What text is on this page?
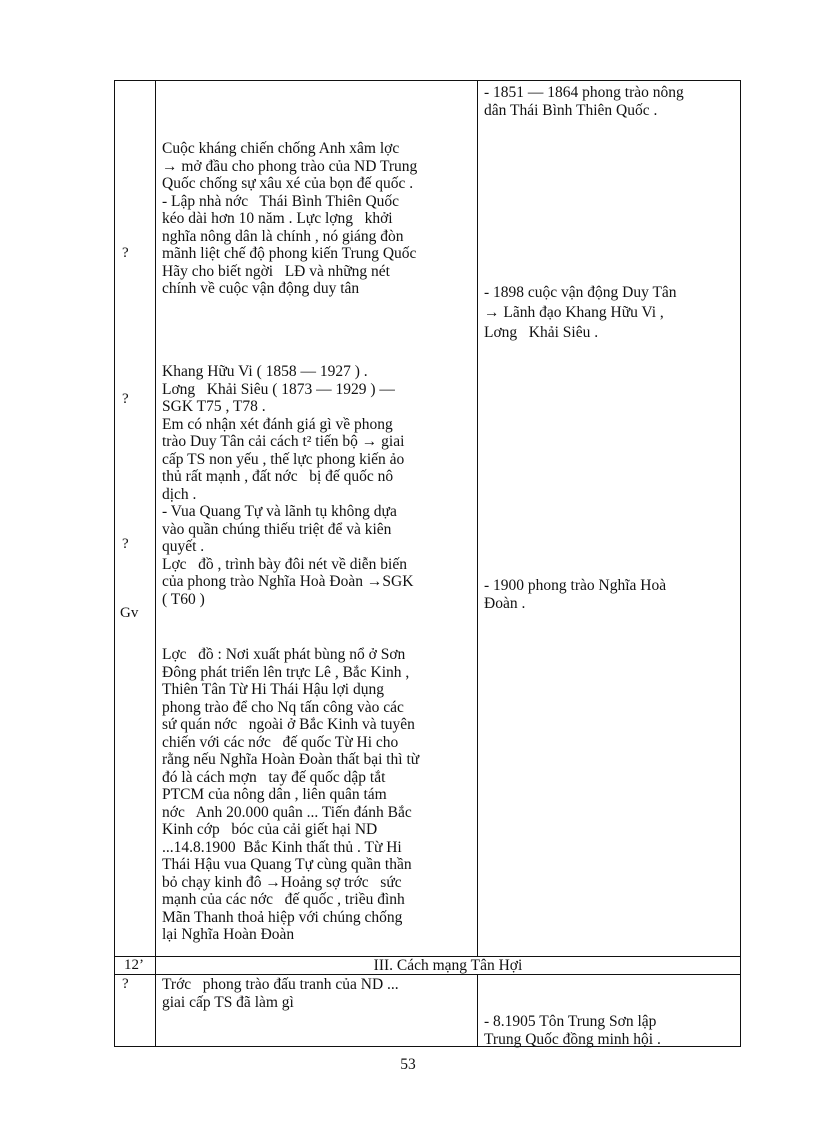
?
?
?
Gv
12’
?
Cuộc kháng chiến chống Anh xâm lợc
→ mở đầu cho phong trào của ND Trung
Quốc chống sự xâu xé của bọn đế quốc .
- Lập nhà nớc   Thái Bình Thiên Quốc
kéo dài hơn 10 năm . Lực lợng   khởi
nghĩa nông dân là chính , nó giáng đòn
mãnh liệt chế độ phong kiến Trung Quốc
Hãy cho biết ngời   LĐ và những nét
chính về cuộc vận động duy tân
Khang Hữu Vi ( 1858 — 1927 ) .
Lơng   Khải Siêu ( 1873 — 1929 ) —
SGK T75 , T78 .
Em có nhận xét đánh giá gì về phong
trào Duy Tân cải cách t² tiến bộ → giai
cấp TS non yếu , thế lực phong kiến ảo
thủ rất mạnh , đất nớc   bị đế quốc nô
dịch .
- Vua Quang Tự và lãnh tụ không dựa
vào quần chúng thiếu triệt để và kiên
quyết .
Lợc   đồ , trình bày đôi nét về diễn biến
của phong trào Nghĩa Hoà Đoàn →SGK
( T60 )
Lợc   đồ : Nơi xuất phát bùng nổ ở Sơn
Đông phát triển lên trực Lê , Bắc Kinh ,
Thiên Tân Từ Hi Thái Hậu lợi dụng
phong trào để cho Nq tấn công vào các
sứ quán nớc   ngoài ở Bắc Kinh và tuyên
chiến với các nớc   đế quốc Từ Hi cho
rằng nếu Nghĩa Hoàn Đoàn thất bại thì từ
đó là cách mợn   tay đế quốc dập tắt
PTCM của nông dân , liên quân tám
nớc   Anh 20.000 quân ... Tiến đánh Bắc
Kinh cớp   bóc của cải giết hại ND
...14.8.1900  Bắc Kinh thất thủ . Từ Hi
Thái Hậu vua Quang Tự cùng quần thần
bỏ chạy kinh đô →Hoảng sợ trớc   sức
mạnh của các nớc   đế quốc , triều đình
Mãn Thanh thoả hiệp với chúng chống
lại Nghĩa Hoàn Đoàn
III. Cách mạng Tân Hợi
Trớc   phong trào đấu tranh của ND ...
giai cấp TS đã làm gì
- 1851 — 1864 phong trào nông
dân Thái Bình Thiên Quốc .
- 1898 cuộc vận động Duy Tân
→ Lãnh đạo Khang Hữu Vi ,
Lơng   Khải Siêu .
- 1900 phong trào Nghĩa Hoà
Đoàn .
- 8.1905 Tôn Trung Sơn lập
Trung Quốc đồng minh hội .
53
